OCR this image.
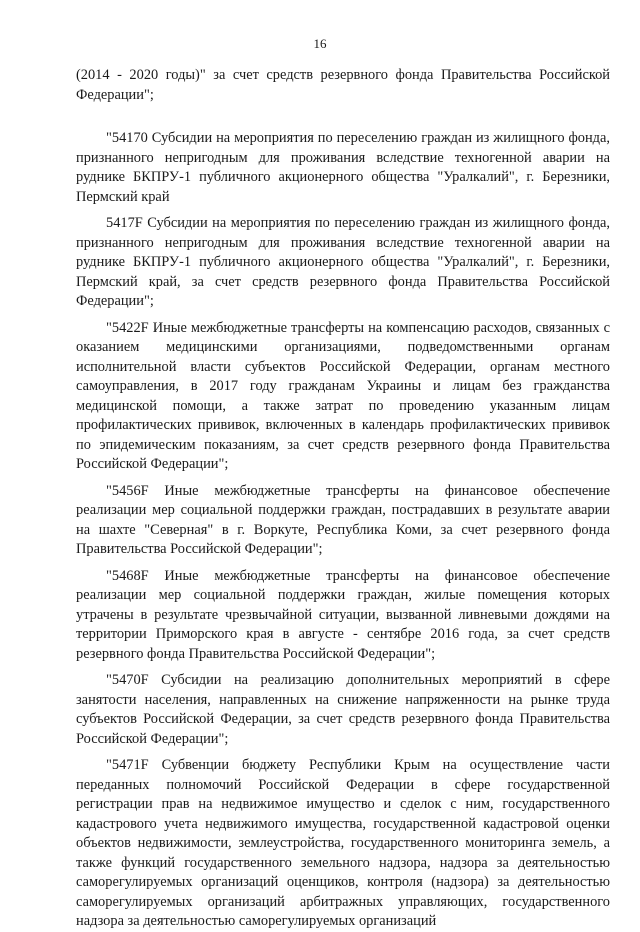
16

(2014 - 2020 годы)" за счет средств резервного фонда Правительства Российской Федерации";

"54170 Субсидии на мероприятия по переселению граждан из жилищного фонда, признанного непригодным для проживания вследствие техногенной аварии на руднике БКПРУ-1 публичного акционерного общества "Уралкалий", г. Березники, Пермский край

5417F Субсидии на мероприятия по переселению граждан из жилищного фонда, признанного непригодным для проживания вследствие техногенной аварии на руднике БКПРУ-1 публичного акционерного общества "Уралкалий", г. Березники, Пермский край, за счет средств резервного фонда Правительства Российской Федерации";

"5422F Иные межбюджетные трансферты на компенсацию расходов, связанных с оказанием медицинскими организациями, подведомственными органам исполнительной власти субъектов Российской Федерации, органам местного самоуправления, в 2017 году гражданам Украины и лицам без гражданства медицинской помощи, а также затрат по проведению указанным лицам профилактических прививок, включенных в календарь профилактических прививок по эпидемическим показаниям, за счет средств резервного фонда Правительства Российской Федерации";

"5456F Иные межбюджетные трансферты на финансовое обеспечение реализации мер социальной поддержки граждан, пострадавших в результате аварии на шахте "Северная" в г. Воркуте, Республика Коми, за счет резервного фонда Правительства Российской Федерации";

"5468F Иные межбюджетные трансферты на финансовое обеспечение реализации мер социальной поддержки граждан, жилые помещения которых утрачены в результате чрезвычайной ситуации, вызванной ливневыми дождями на территории Приморского края в августе - сентябре 2016 года, за счет средств резервного фонда Правительства Российской Федерации";

"5470F Субсидии на реализацию дополнительных мероприятий в сфере занятости населения, направленных на снижение напряженности на рынке труда субъектов Российской Федерации, за счет средств резервного фонда Правительства Российской Федерации";

"5471F Субвенции бюджету Республики Крым на осуществление части переданных полномочий Российской Федерации в сфере государственной регистрации прав на недвижимое имущество и сделок с ним, государственного кадастрового учета недвижимого имущества, государственной кадастровой оценки объектов недвижимости, землеустройства, государственного мониторинга земель, а также функций государственного земельного надзора, надзора за деятельностью саморегулируемых организаций оценщиков, контроля (надзора) за деятельностью саморегулируемых организаций арбитражных управляющих, государственного надзора за деятельностью саморегулируемых организаций
